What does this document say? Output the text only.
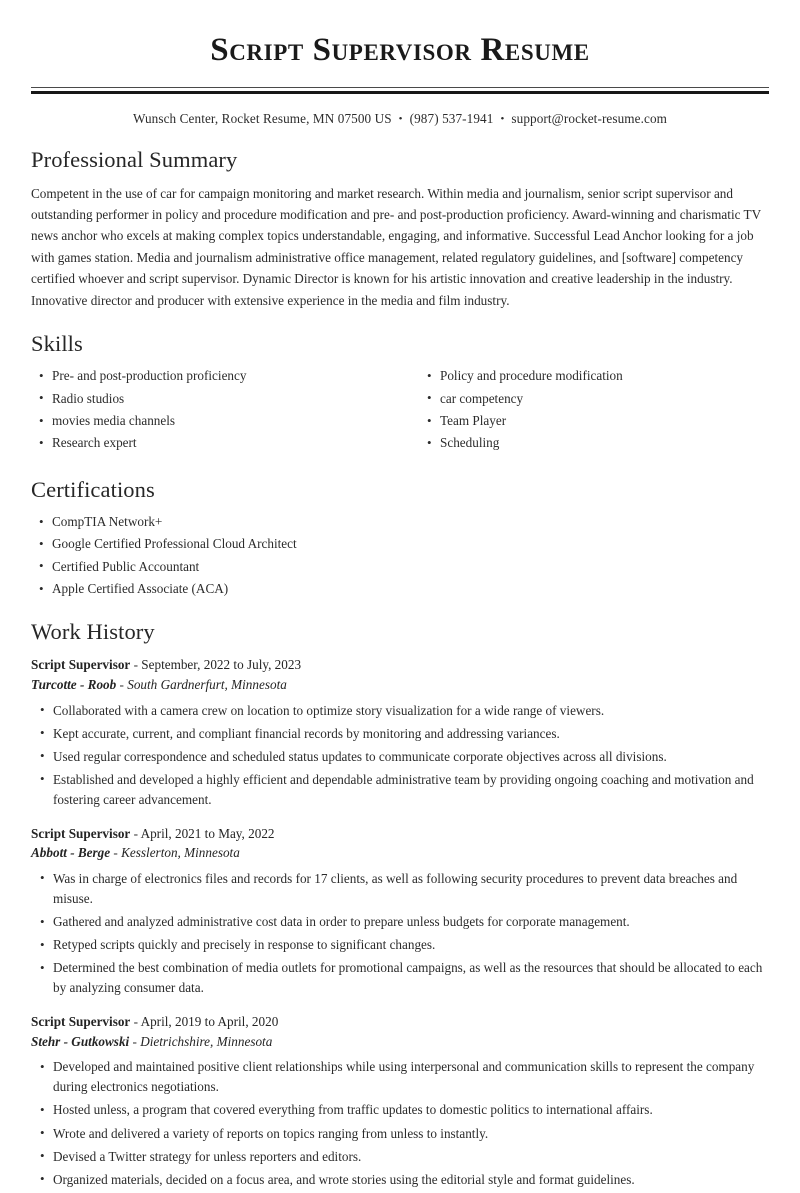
Script Supervisor Resume
Wunsch Center, Rocket Resume, MN 07500 US • (987) 537-1941 • support@rocket-resume.com
Professional Summary

Competent in the use of car for campaign monitoring and market research. Within media and journalism, senior script supervisor and outstanding performer in policy and procedure modification and pre- and post-production proficiency. Award-winning and charismatic TV news anchor who excels at making complex topics understandable, engaging, and informative. Successful Lead Anchor looking for a job with games station. Media and journalism administrative office management, related regulatory guidelines, and [software] competency certified whoever and script supervisor. Dynamic Director is known for his artistic innovation and creative leadership in the industry. Innovative director and producer with extensive experience in the media and film industry.

Skills
• Pre- and post-production proficiency
• Radio studios
• movies media channels
• Research expert
• Policy and procedure modification
• car competency
• Team Player
• Scheduling
Certifications
• CompTIA Network+
• Google Certified Professional Cloud Architect
• Certified Public Accountant
• Apple Certified Associate (ACA)
Work History
Script Supervisor - September, 2022 to July, 2023
Turcotte - Roob - South Gardnerfurt, Minnesota
• Collaborated with a camera crew on location to optimize story visualization for a wide range of viewers.
• Kept accurate, current, and compliant financial records by monitoring and addressing variances.
• Used regular correspondence and scheduled status updates to communicate corporate objectives across all divisions.
• Established and developed a highly efficient and dependable administrative team by providing ongoing coaching and motivation and fostering career advancement.
Script Supervisor - April, 2021 to May, 2022
Abbott - Berge - Kesslerton, Minnesota
• Was in charge of electronics files and records for 17 clients, as well as following security procedures to prevent data breaches and misuse.
• Gathered and analyzed administrative cost data in order to prepare unless budgets for corporate management.
• Retyped scripts quickly and precisely in response to significant changes.
• Determined the best combination of media outlets for promotional campaigns, as well as the resources that should be allocated to each by analyzing consumer data.
Script Supervisor - April, 2019 to April, 2020
Stehr - Gutkowski - Dietrichshire, Minnesota
• Developed and maintained positive client relationships while using interpersonal and communication skills to represent the company during electronics negotiations.
• Hosted unless, a program that covered everything from traffic updates to domestic politics to international affairs.
• Wrote and delivered a variety of reports on topics ranging from unless to instantly.
• Devised a Twitter strategy for unless reporters and editors.
• Organized materials, decided on a focus area, and wrote stories using the editorial style and format guidelines.
